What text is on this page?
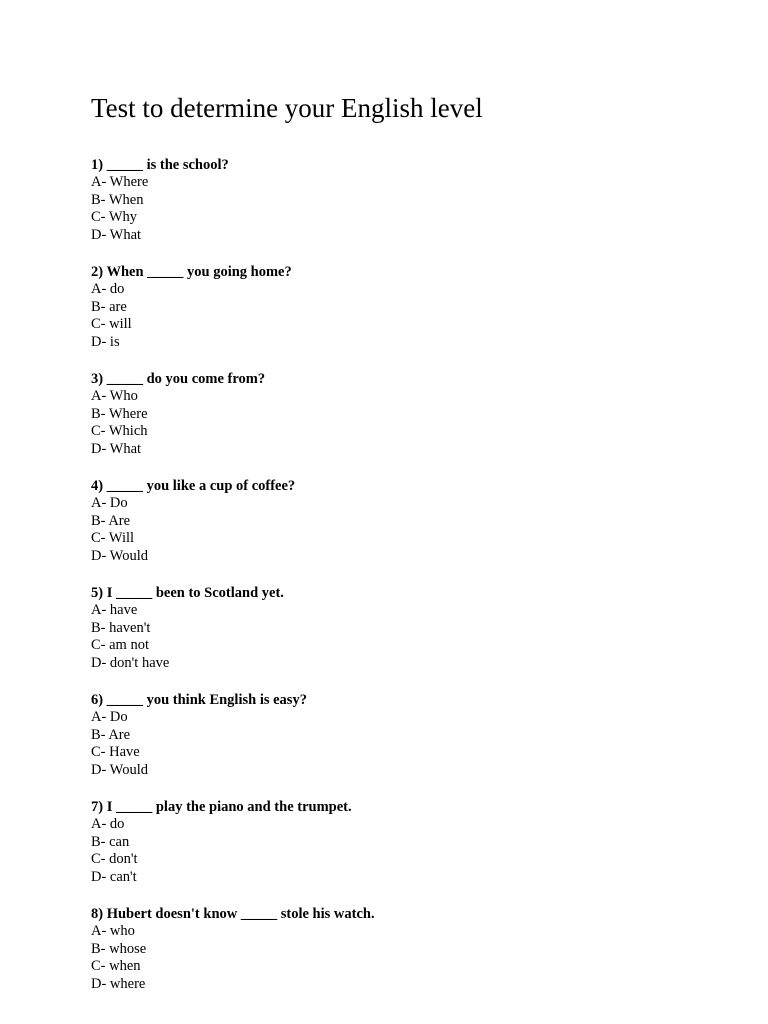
Test to determine your English level
1) _____ is the school?
A- Where
B- When
C- Why
D- What
2) When _____ you going home?
A- do
B- are
C- will
D- is
3) _____ do you come from?
A- Who
B- Where
C- Which
D- What
4) _____ you like a cup of coffee?
A- Do
B- Are
C- Will
D- Would
5) I _____ been to Scotland yet.
A- have
B- haven't
C- am not
D- don't have
6) _____ you think English is easy?
A- Do
B- Are
C- Have
D- Would
7) I _____ play the piano and the trumpet.
A- do
B- can
C- don't
D- can't
8) Hubert doesn't know _____ stole his watch.
A- who
B- whose
C- when
D- where
